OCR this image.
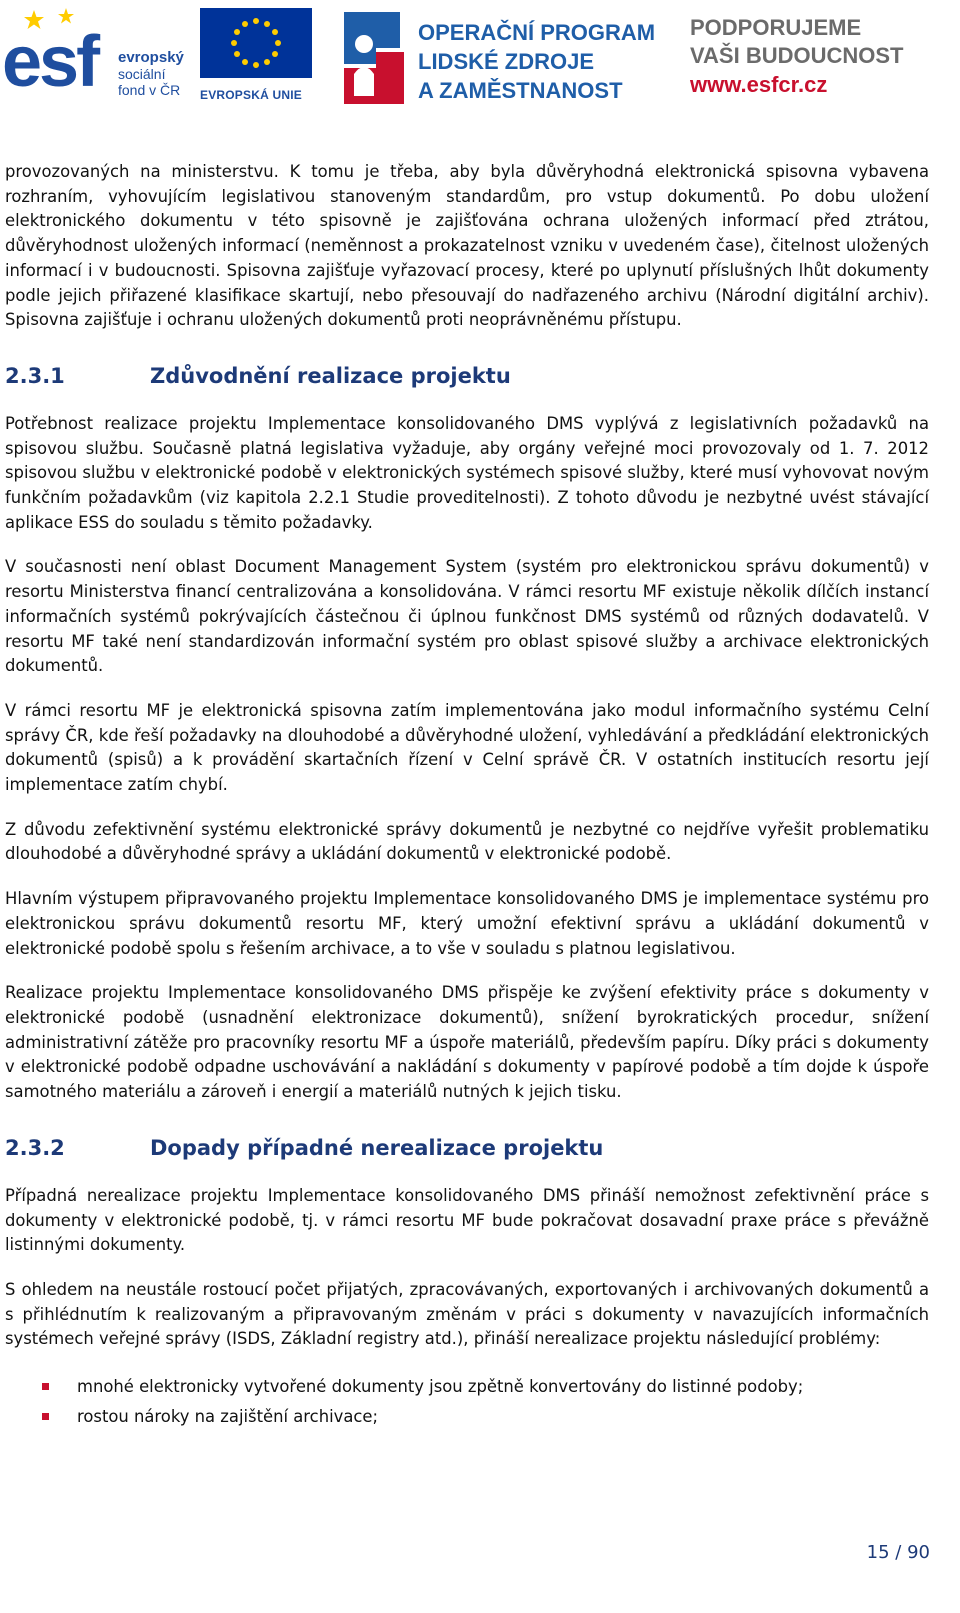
esf evropský
sociální
fond v ČR	EVROPSKÁ UNIE
OPERAČNÍ PROGRAM
LIDSKÉ ZDROJE
A ZAMĚSTNANOST
PODPORUJEME
VAŠI BUDOUCNOST
www.esfcr.cz

provozovaných na ministerstvu. K tomu je třeba, aby byla důvěryhodná elektronická spisovna vybavena rozhraním, vyhovujícím legislativou stanoveným standardům, pro vstup dokumentů. Po dobu uložení elektronického dokumentu v této spisovně je zajišťována ochrana uložených informací před ztrátou, důvěryhodnost uložených informací (neměnnost a prokazatelnost vzniku v uvedeném čase), čitelnost uložených informací i v budoucnosti. Spisovna zajišťuje vyřazovací procesy, které po uplynutí příslušných lhůt dokumenty podle jejich přiřazené klasifikace skartují, nebo přesouvají do nadřazeného archivu (Národní digitální archiv). Spisovna zajišťuje i ochranu uložených dokumentů proti neoprávněnému přístupu.

2.3.1	Zdůvodnění realizace projektu

Potřebnost realizace projektu Implementace konsolidovaného DMS vyplývá z legislativních požadavků na spisovou službu. Současně platná legislativa vyžaduje, aby orgány veřejné moci provozovaly od 1. 7. 2012 spisovou službu v elektronické podobě v elektronických systémech spisové služby, které musí vyhovovat novým funkčním požadavkům (viz kapitola 2.2.1 Studie proveditelnosti). Z tohoto důvodu je nezbytné uvést stávající aplikace ESS do souladu s těmito požadavky.

V současnosti není oblast Document Management System (systém pro elektronickou správu dokumentů) v resortu Ministerstva financí centralizována a konsolidována. V rámci resortu MF existuje několik dílčích instancí informačních systémů pokrývajících částečnou či úplnou funkčnost DMS systémů od různých dodavatelů. V resortu MF také není standardizován informační systém pro oblast spisové služby a archivace elektronických dokumentů.

V rámci resortu MF je elektronická spisovna zatím implementována jako modul informačního systému Celní správy ČR, kde řeší požadavky na dlouhodobé a důvěryhodné uložení, vyhledávání a předkládání elektronických dokumentů (spisů) a k provádění skartačních řízení v Celní správě ČR. V ostatních institucích resortu její implementace zatím chybí.

Z důvodu zefektivnění systému elektronické správy dokumentů je nezbytné co nejdříve vyřešit problematiku dlouhodobé a důvěryhodné správy a ukládání dokumentů v elektronické podobě.

Hlavním výstupem připravovaného projektu Implementace konsolidovaného DMS je implementace systému pro elektronickou správu dokumentů resortu MF, který umožní efektivní správu a ukládání dokumentů v elektronické podobě spolu s řešením archivace, a to vše v souladu s platnou legislativou.

Realizace projektu Implementace konsolidovaného DMS přispěje ke zvýšení efektivity práce s dokumenty v elektronické podobě (usnadnění elektronizace dokumentů), snížení byrokratických procedur, snížení administrativní zátěže pro pracovníky resortu MF a úspoře materiálů, především papíru. Díky práci s dokumenty v elektronické podobě odpadne uschovávání a nakládání s dokumenty v papírové podobě a tím dojde k úspoře samotného materiálu a zároveň i energií a materiálů nutných k jejich tisku.

2.3.2	Dopady případné nerealizace projektu

Případná nerealizace projektu Implementace konsolidovaného DMS přináší nemožnost zefektivnění práce s dokumenty v elektronické podobě, tj. v rámci resortu MF bude pokračovat dosavadní praxe práce s převážně listinnými dokumenty.

S ohledem na neustále rostoucí počet přijatých, zpracovávaných, exportovaných i archivovaných dokumentů a s přihlédnutím k realizovaným a připravovaným změnám v práci s dokumenty v navazujících informačních systémech veřejné správy (ISDS, Základní registry atd.), přináší nerealizace projektu následující problémy:

mnohé elektronicky vytvořené dokumenty jsou zpětně konvertovány do listinné podoby;
rostou nároky na zajištění archivace;
15 / 90
